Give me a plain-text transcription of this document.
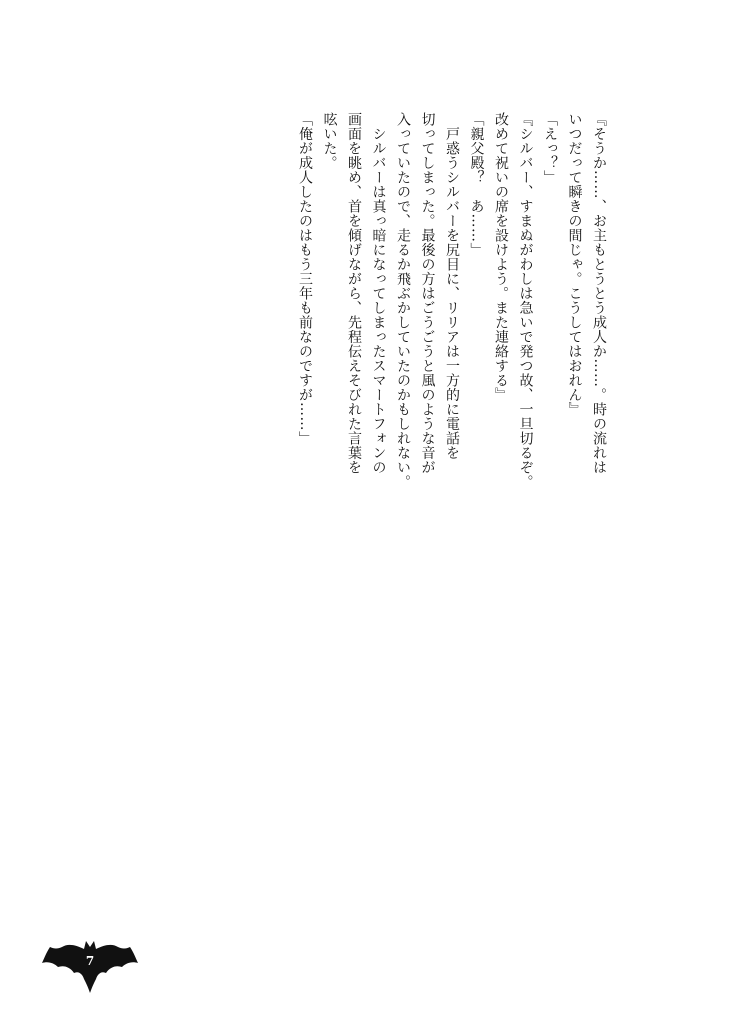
『そうか……、お主もとうとう成人か……。時の流れは
いつだって瞬きの間じゃ。こうしてはおれん』
「えっ？」
『シルバー、すまぬがわしは急いで発つ故、一旦切るぞ。
改めて祝いの席を設けよう。また連絡する』
「親父殿？　あ……」
　戸惑うシルバーを尻目に、リリアは一方的に電話を
切ってしまった。最後の方はごうごうと風のような音が
入っていたので、走るか飛ぶかしていたのかもしれない。
　シルバーは真っ暗になってしまったスマートフォンの
画面を眺め、首を傾げながら、先程伝えそびれた言葉を
呟いた。
「俺が成人したのはもう三年も前なのですが……」
7
